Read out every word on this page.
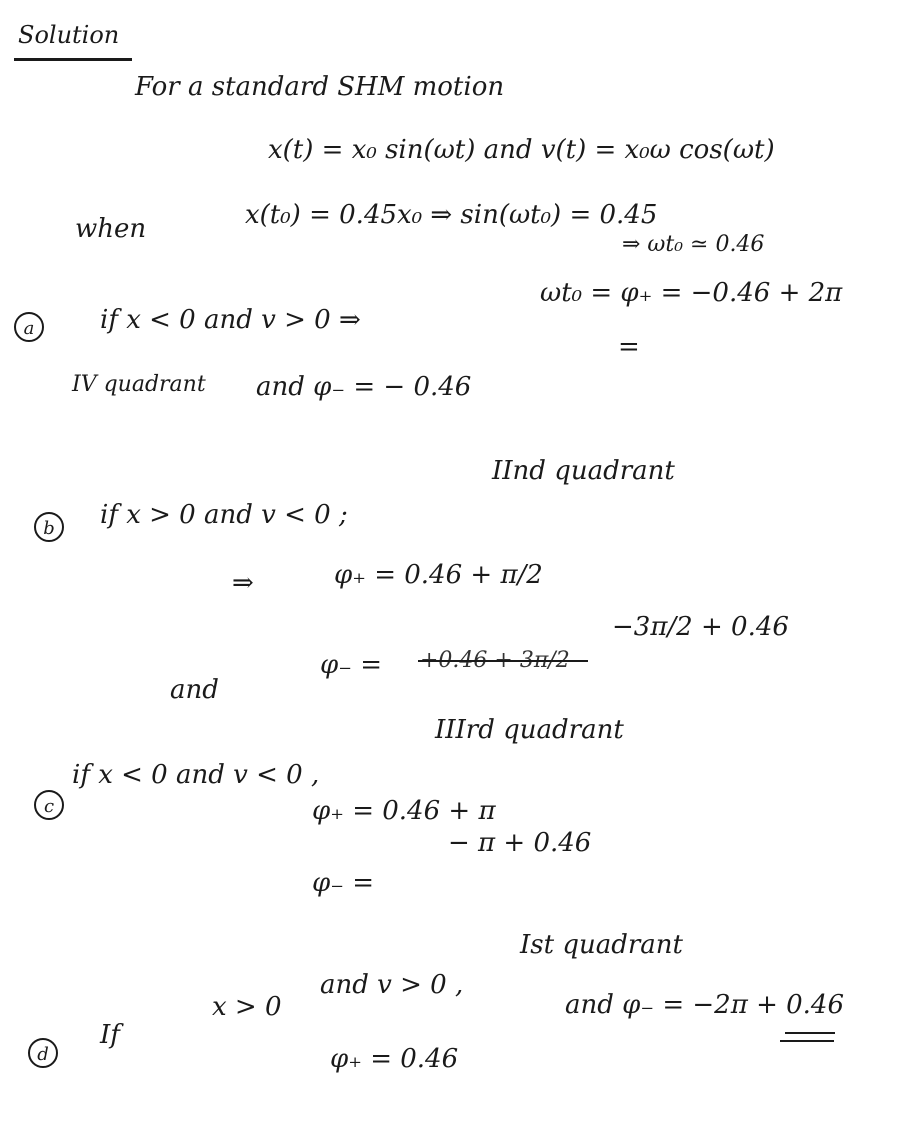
Solution
For a standard SHM motion
x(t) = x₀ sin(ωt) and v(t) = x₀ω cos(ωt)
when	x(t₀) = 0.45x₀ ⇒ sin(ωt₀) = 0.45
⇒ ωt₀ ≃ 0.46
a	if x < 0 and v > 0 ⇒
ωt₀ = φ₊ = −0.46 + 2π
=
IV quadrant and φ₋ = − 0.46
b	if x > 0 and v < 0 ;
IInd quadrant
⇒	φ₊ = 0.46 + π/2
and
φ₋ = +0.46 + 3π/2
−3π/2 + 0.46
c
if x < 0 and v < 0 ,
IIIrd quadrant
φ₊ = 0.46 + π
φ₋ =
− π + 0.46
d
If
x > 0
and v > 0 ,
Ist quadrant
φ₊ = 0.46
and φ₋ = −2π + 0.46
